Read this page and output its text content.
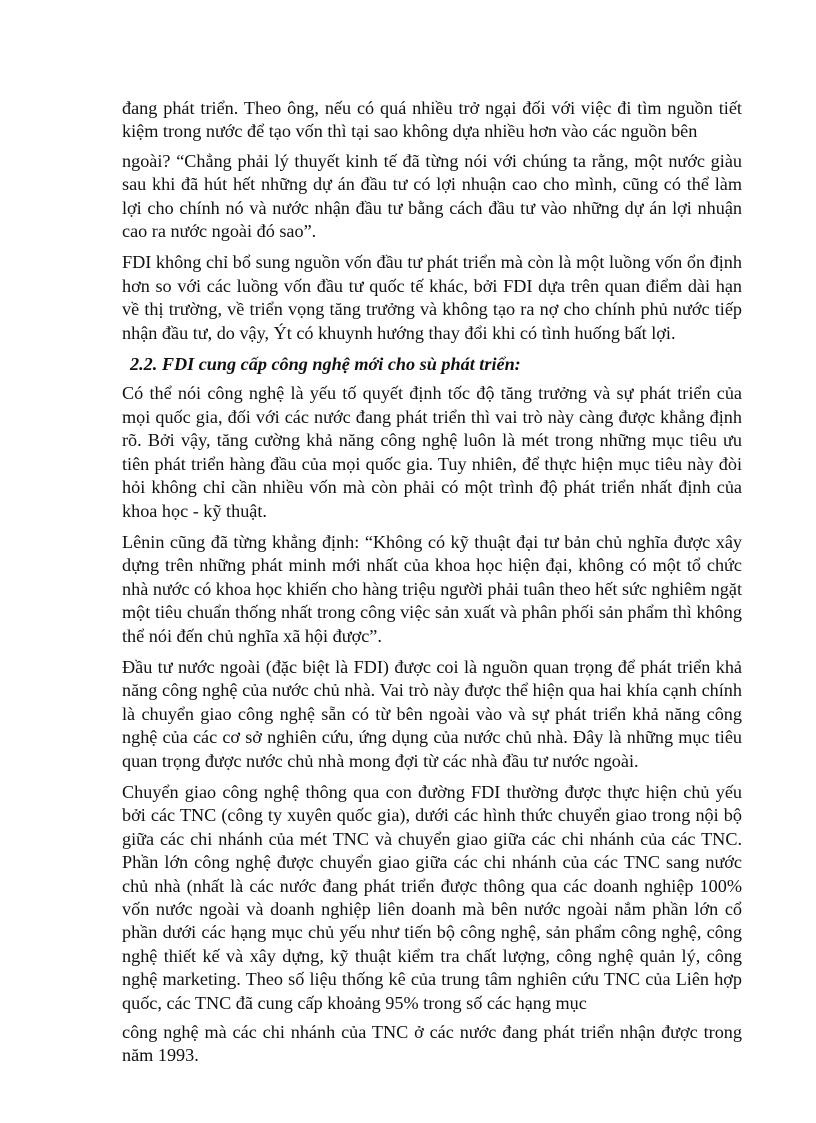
đang phát triển. Theo ông, nếu có quá nhiều trở ngại đối với việc đi tìm nguồn tiết kiệm trong nước để tạo vốn thì tại sao không dựa nhiều hơn vào các nguồn bên

ngoài? “Chẳng phải lý thuyết kinh tế đã từng nói với chúng ta rằng, một nước giàu sau khi đã hút hết những dự án đầu tư có lợi nhuận cao cho mình, cũng có thể làm lợi cho chính nó và nước nhận đầu tư bằng cách đầu tư vào những dự án lợi nhuận cao ra nước ngoài đó sao”.

FDI không chỉ bổ sung nguồn vốn đầu tư phát triển mà còn là một luồng vốn ổn định hơn so với các luồng vốn đầu tư quốc tế khác, bởi FDI dựa trên quan điểm dài hạn về thị trường, về triển vọng tăng trưởng và không tạo ra nợ cho chính phủ nước tiếp nhận đầu tư, do vậy, Ýt có khuynh hướng thay đổi khi có tình huống bất lợi.

2.2. FDI cung cấp công nghệ mới cho sù phát triển:

Có thể nói công nghệ là yếu tố quyết định tốc độ tăng trưởng và sự phát triển của mọi quốc gia, đối với các nước đang phát triển thì vai trò này càng được khẳng định rõ. Bởi vậy, tăng cường khả năng công nghệ luôn là mét trong những mục tiêu ưu tiên phát triển hàng đầu của mọi quốc gia. Tuy nhiên, để thực hiện mục tiêu này đòi hỏi không chỉ cần nhiều vốn mà còn phải có một trình độ phát triển nhất định của khoa học - kỹ thuật.

Lênin cũng đã từng khẳng định: “Không có kỹ thuật đại tư bản chủ nghĩa được xây dựng trên những phát minh mới nhất của khoa học hiện đại, không có một tổ chức nhà nước có khoa học khiến cho hàng triệu người phải tuân theo hết sức nghiêm ngặt một tiêu chuẩn thống nhất trong công việc sản xuất và phân phối sản phẩm thì không thể nói đến chủ nghĩa xã hội được”.

Đầu tư nước ngoài (đặc biệt là FDI) được coi là nguồn quan trọng để phát triển khả năng công nghệ của nước chủ nhà. Vai trò này được thể hiện qua hai khía cạnh chính là chuyển giao công nghệ sẵn có từ bên ngoài vào và sự phát triển khả năng công nghệ của các cơ sở nghiên cứu, ứng dụng của nước chủ nhà. Đây là những mục tiêu quan trọng được nước chủ nhà mong đợi từ các nhà đầu tư nước ngoài.

Chuyển giao công nghệ thông qua con đường FDI thường được thực hiện chủ yếu bởi các TNC (công ty xuyên quốc gia), dưới các hình thức chuyển giao trong nội bộ giữa các chi nhánh của mét TNC và chuyển giao giữa các chi nhánh của các TNC. Phần lớn công nghệ được chuyển giao giữa các chi nhánh của các TNC sang nước chủ nhà (nhất là các nước đang phát triển được thông qua các doanh nghiệp 100% vốn nước ngoài và doanh nghiệp liên doanh mà bên nước ngoài nắm phần lớn cổ phần dưới các hạng mục chủ yếu như tiến bộ công nghệ, sản phẩm công nghệ, công nghệ thiết kế và xây dựng, kỹ thuật kiểm tra chất lượng, công nghệ quản lý, công nghệ marketing. Theo số liệu thống kê của trung tâm nghiên cứu TNC của Liên hợp quốc, các TNC đã cung cấp khoảng 95% trong số các hạng mục

công nghệ mà các chi nhánh của TNC ở các nước đang phát triển nhận được trong năm 1993.
